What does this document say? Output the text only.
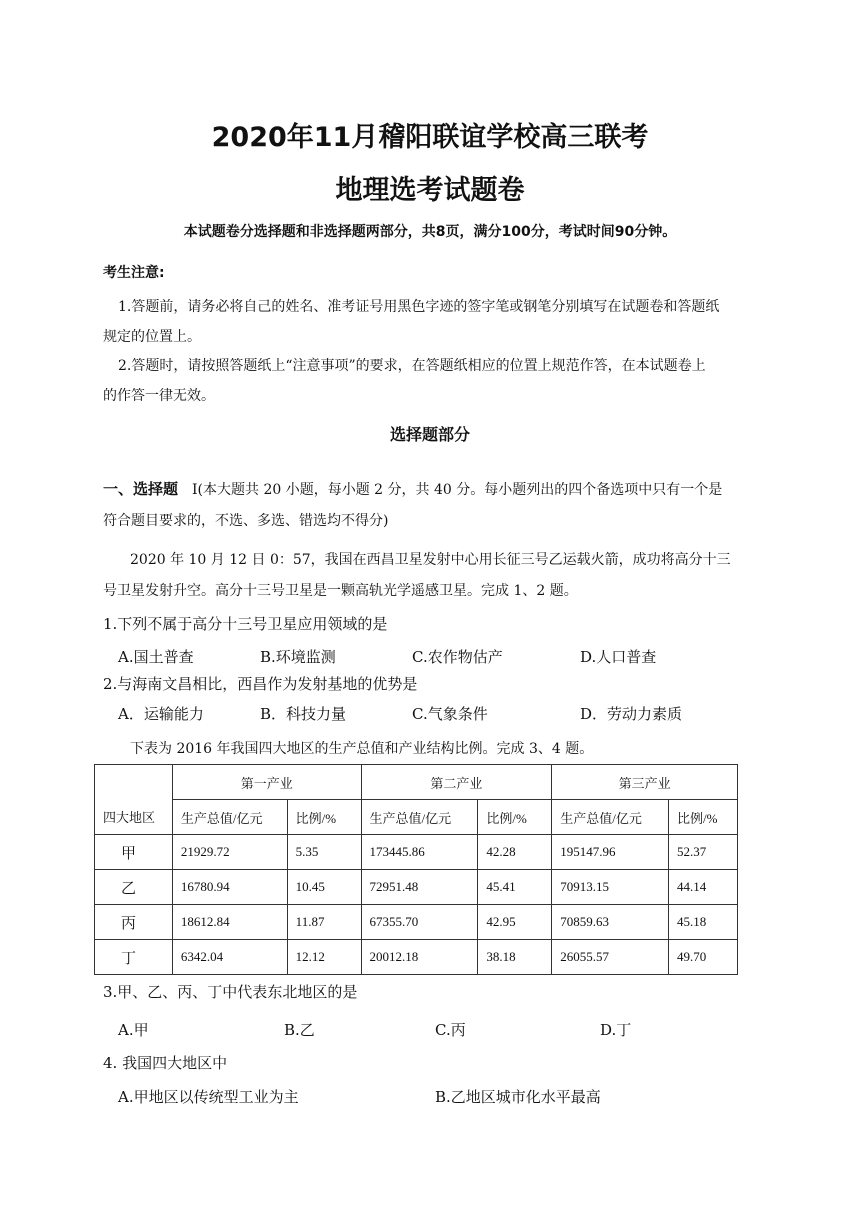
2020年11月稽阳联谊学校高三联考
地理选考试题卷
本试题卷分选择题和非选择题两部分，共8页，满分100分，考试时间90分钟。
考生注意:
1.答题前，请务必将自己的姓名、准考证号用黑色字迹的签字笔或钢笔分别填写在试题卷和答题纸
规定的位置上。
2.答题时，请按照答题纸上“注意事项”的要求，在答题纸相应的位置上规范作答，在本试题卷上
的作答一律无效。
选择题部分
一、选择题 Ⅰ(本大题共 20 小题，每小题 2 分，共 40 分。每小题列出的四个备选项中只有一个是
符合题目要求的，不选、多选、错选均不得分)
2020 年 10 月 12 日 0：57，我国在西昌卫星发射中心用长征三号乙运载火箭，成功将高分十三
号卫星发射升空。高分十三号卫星是一颗高轨光学遥感卫星。完成 1、2 题。
1.下列不属于高分十三号卫星应用领域的是
A.国土普查	B.环境监测	C.农作物估产	D.人口普查
2.与海南文昌相比，西昌作为发射基地的优势是
A．运输能力	B．科技力量	C.气象条件	D．劳动力素质
下表为 2016 年我国四大地区的生产总值和产业结构比例。完成 3、4 题。
四大地区	第一产业		第二产业		第三产业	
	生产总值/亿元	比例/%	生产总值/亿元	比例/%	生产总值/亿元	比例/%
甲	21929.72	5.35	173445.86	42.28	195147.96	52.37
乙	16780.94	10.45	72951.48	45.41	70913.15	44.14
丙	18612.84	11.87	67355.70	42.95	70859.63	45.18
丁	6342.04	12.12	20012.18	38.18	26055.57	49.70
3.甲、乙、丙、丁中代表东北地区的是
A.甲	B.乙	C.丙	D.丁
4. 我国四大地区中
A.甲地区以传统型工业为主	B.乙地区城市化水平最高
